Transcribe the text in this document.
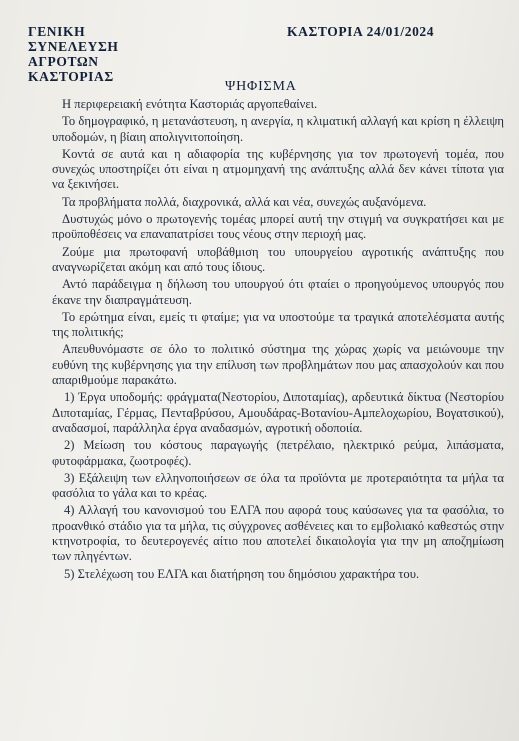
ΓΕΝΙΚΗ
ΣΥΝΕΛΕΥΣΗ
ΑΓΡΟΤΩΝ
ΚΑΣΤΟΡΙΑΣ
ΚΑΣΤΟΡΙΑ 24/01/2024
ΨΗΦΙΣΜΑ

Η περιφερειακή ενότητα Καστοριάς αργοπεθαίνει.

Το δημογραφικό, η μετανάστευση, η ανεργία, η κλιματική αλλαγή και κρίση η έλλειψη υποδομών, η βίαιη απολιγνιτοποίηση.

Κοντά σε αυτά και η αδιαφορία της κυβέρνησης για τον πρωτογενή τομέα, που συνεχώς υποστηρίζει ότι είναι η ατμομηχανή της ανάπτυξης αλλά δεν κάνει τίποτα για να ξεκινήσει.

Τα προβλήματα πολλά, διαχρονικά, αλλά και νέα, συνεχώς αυξανόμενα.

Δυστυχώς μόνο ο πρωτογενής τομέας μπορεί αυτή την στιγμή να συγκρατήσει και με προϋποθέσεις να επαναπατρίσει τους νέους στην περιοχή μας.

Ζούμε μια πρωτοφανή υποβάθμιση του υπουργείου αγροτικής ανάπτυξης που αναγνωρίζεται ακόμη και από τους ίδιους.

Αντό παράδειγμα η δήλωση του υπουργού ότι φταίει ο προηγούμενος υπουργός που έκανε την διαπραγμάτευση.

Το ερώτημα είναι, εμείς τι φταίμε; για να υποστούμε τα τραγικά αποτελέσματα αυτής της πολιτικής;

Απευθυνόμαστε σε όλο το πολιτικό σύστημα της χώρας χωρίς να μειώνουμε την ευθύνη της κυβέρνησης για την επίλυση των προβλημάτων που μας απασχολούν και που απαριθμούμε παρακάτω.

1) Έργα υποδομής: φράγματα(Νεστορίου, Διποταμίας), αρδευτικά δίκτυα (Νεστορίου Διποταμίας, Γέρμας, Πενταβρύσου, Αμουδάρας-Βοτανίου-Αμπελοχωρίου, Βογατσικού), αναδασμοί, παράλληλα έργα αναδασμών, αγροτική οδοποιία.

2) Μείωση του κόστους παραγωγής (πετρέλαιο, ηλεκτρικό ρεύμα, λιπάσματα, φυτοφάρμακα, ζωοτροφές).

3) Εξάλειψη των ελληνοποιήσεων σε όλα τα προϊόντα με προτεραιότητα τα μήλα τα φασόλια το γάλα και το κρέας.

4) Αλλαγή του κανονισμού του ΕΛΓΑ που αφορά τους καύσωνες για τα φασόλια, το προανθικό στάδιο για τα μήλα, τις σύγχρονες ασθένειες και το εμβολιακό καθεστώς στην κτηνοτροφία, το δευτερογενές αίτιο που αποτελεί δικαιολογία για την μη αποζημίωση των πληγέντων.

5) Στελέχωση του ΕΛΓΑ και διατήρηση του δημόσιου χαρακτήρα του.
